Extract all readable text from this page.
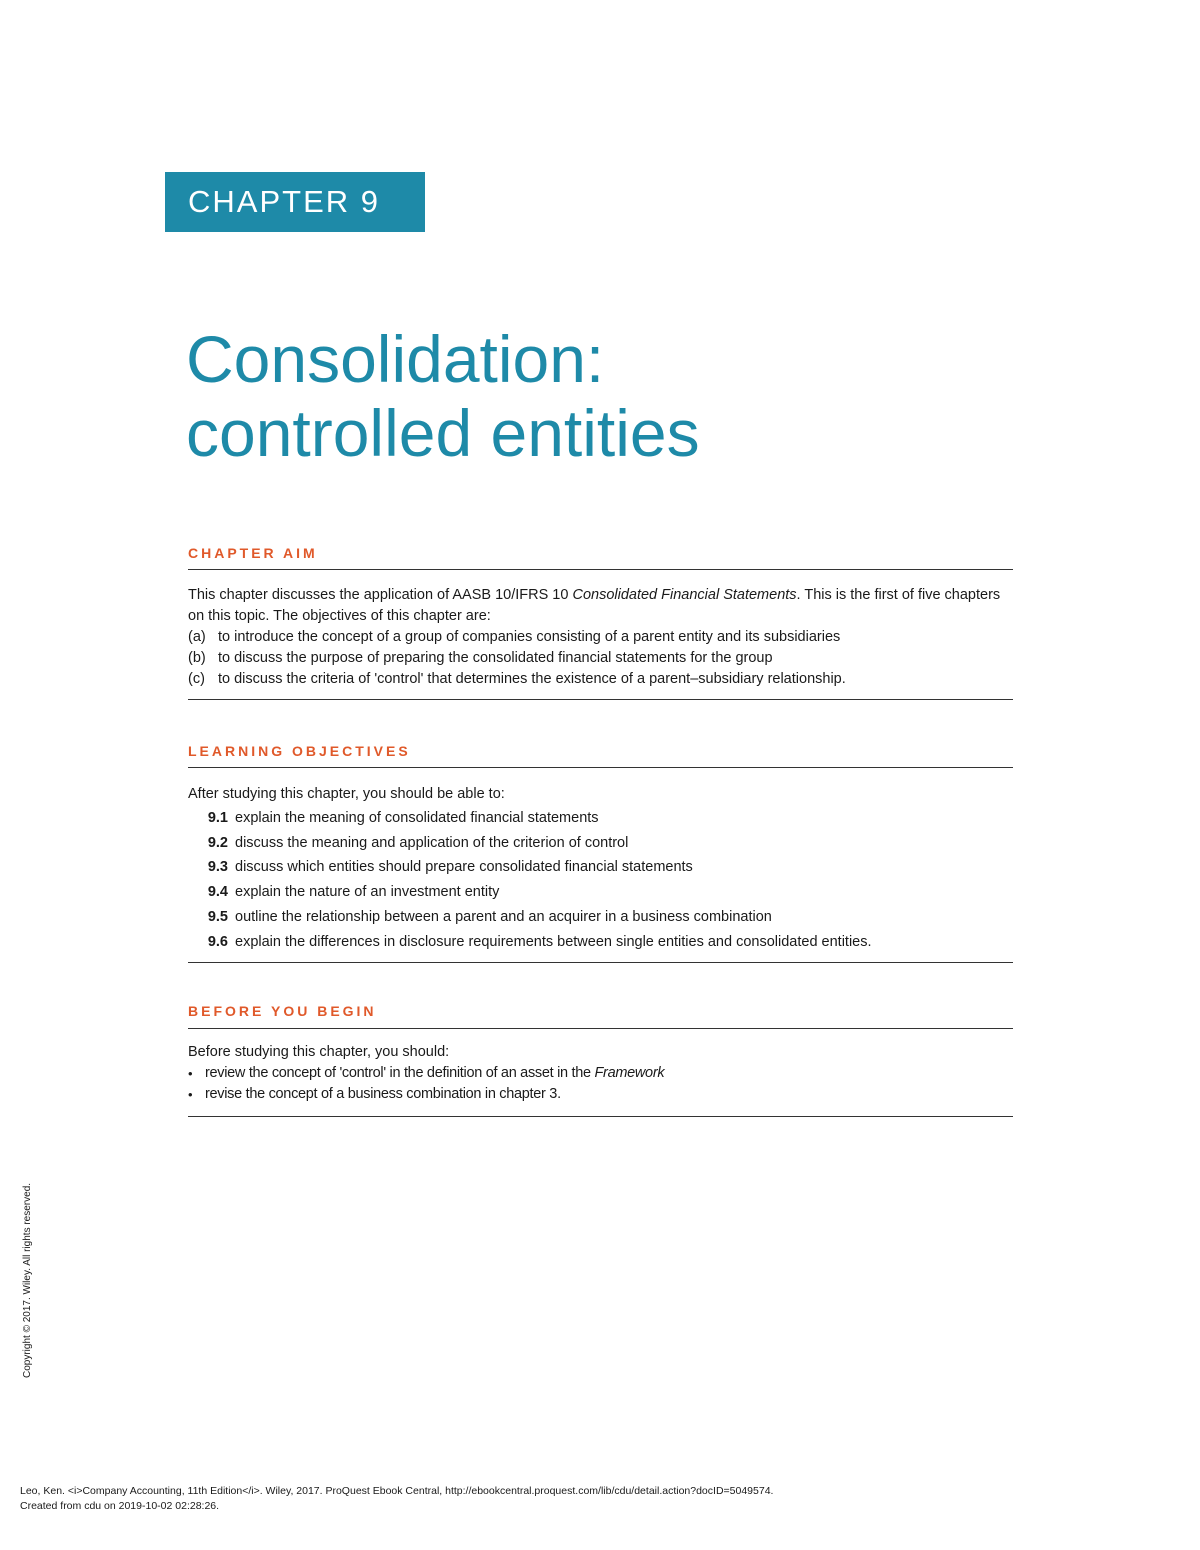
CHAPTER 9
Consolidation:
controlled entities
CHAPTER AIM
This chapter discusses the application of AASB 10/IFRS 10 Consolidated Financial Statements. This is the first of five chapters on this topic. The objectives of this chapter are:
(a) to introduce the concept of a group of companies consisting of a parent entity and its subsidiaries
(b) to discuss the purpose of preparing the consolidated financial statements for the group
(c) to discuss the criteria of 'control' that determines the existence of a parent–subsidiary relationship.
LEARNING OBJECTIVES
After studying this chapter, you should be able to:
9.1 explain the meaning of consolidated financial statements
9.2 discuss the meaning and application of the criterion of control
9.3 discuss which entities should prepare consolidated financial statements
9.4 explain the nature of an investment entity
9.5 outline the relationship between a parent and an acquirer in a business combination
9.6 explain the differences in disclosure requirements between single entities and consolidated entities.
BEFORE YOU BEGIN
Before studying this chapter, you should:
• review the concept of 'control' in the definition of an asset in the Framework
• revise the concept of a business combination in chapter 3.
Copyright © 2017. Wiley. All rights reserved.
Leo, Ken. <i>Company Accounting, 11th Edition</i>. Wiley, 2017. ProQuest Ebook Central, http://ebookcentral.proquest.com/lib/cdu/detail.action?docID=5049574.
Created from cdu on 2019-10-02 02:28:26.
